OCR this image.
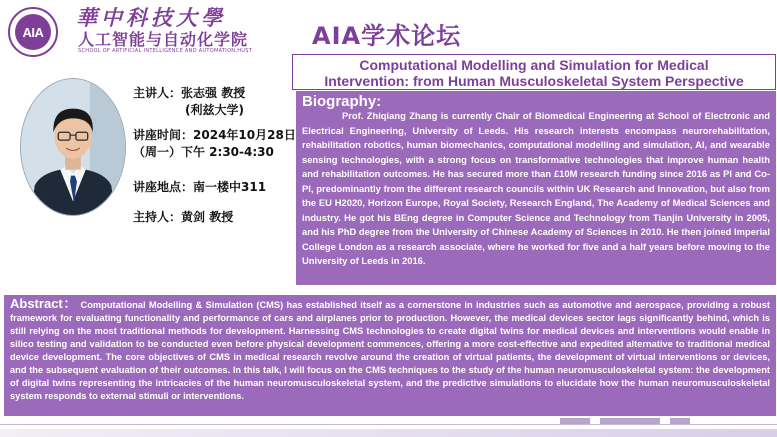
AIA
華中科技大學
人工智能与自动化学院
SCHOOL OF ARTIFICIAL INTELLIGENCE AND AUTOMATION,HUST
AIA学术论坛
Computational Modelling and Simulation for Medical
Intervention: from Human Musculoskeletal System Perspective
主讲人：张志强 教授
(利兹大学)
讲座时间：2024年10月28日
（周一）下午 2:30-4:30
讲座地点：南一楼中311
主持人：黄剑 教授
Biography:
Prof. Zhiqiang Zhang is currently Chair of Biomedical Engineering at School of Electronic and Electrical Engineering, University of Leeds. His research interests encompass neurorehabilitation, rehabilitation robotics, human biomechanics, computational modelling and simulation, AI, and wearable sensing technologies, with a strong focus on transformative technologies that improve human health and rehabilitation outcomes. He has secured more than £10M research funding since 2016 as PI and Co-PI, predominantly from the different research councils within UK Research and Innovation, but also from the EU H2020, Horizon Europe, Royal Society, Research England, The Academy of Medical Sciences and industry. He got his BEng degree in Computer Science and Technology from Tianjin University in 2005, and his PhD degree from the University of Chinese Academy of Sciences in 2010. He then joined Imperial College London as a research associate, where he worked for five and a half years before moving to the University of Leeds in 2016.
Abstract： Computational Modelling & Simulation (CMS) has established itself as a cornerstone in industries such as automotive and aerospace, providing a robust framework for evaluating functionality and performance of cars and airplanes prior to production. However, the medical devices sector lags significantly behind, which is still relying on the most traditional methods for development. Harnessing CMS technologies to create digital twins for medical devices and interventions would enable in silico testing and validation to be conducted even before physical development commences, offering a more cost-effective and expedited alternative to traditional medical device development. The core objectives of CMS in medical research revolve around the creation of virtual patients, the development of virtual interventions or devices, and the subsequent evaluation of their outcomes. In this talk, I will focus on the CMS techniques to the study of the human neuromusculoskeletal system: the development of digital twins representing the intricacies of the human neuromusculoskeletal system, and the predictive simulations to elucidate how the human neuromusculoskeletal system responds to external stimuli or interventions.
